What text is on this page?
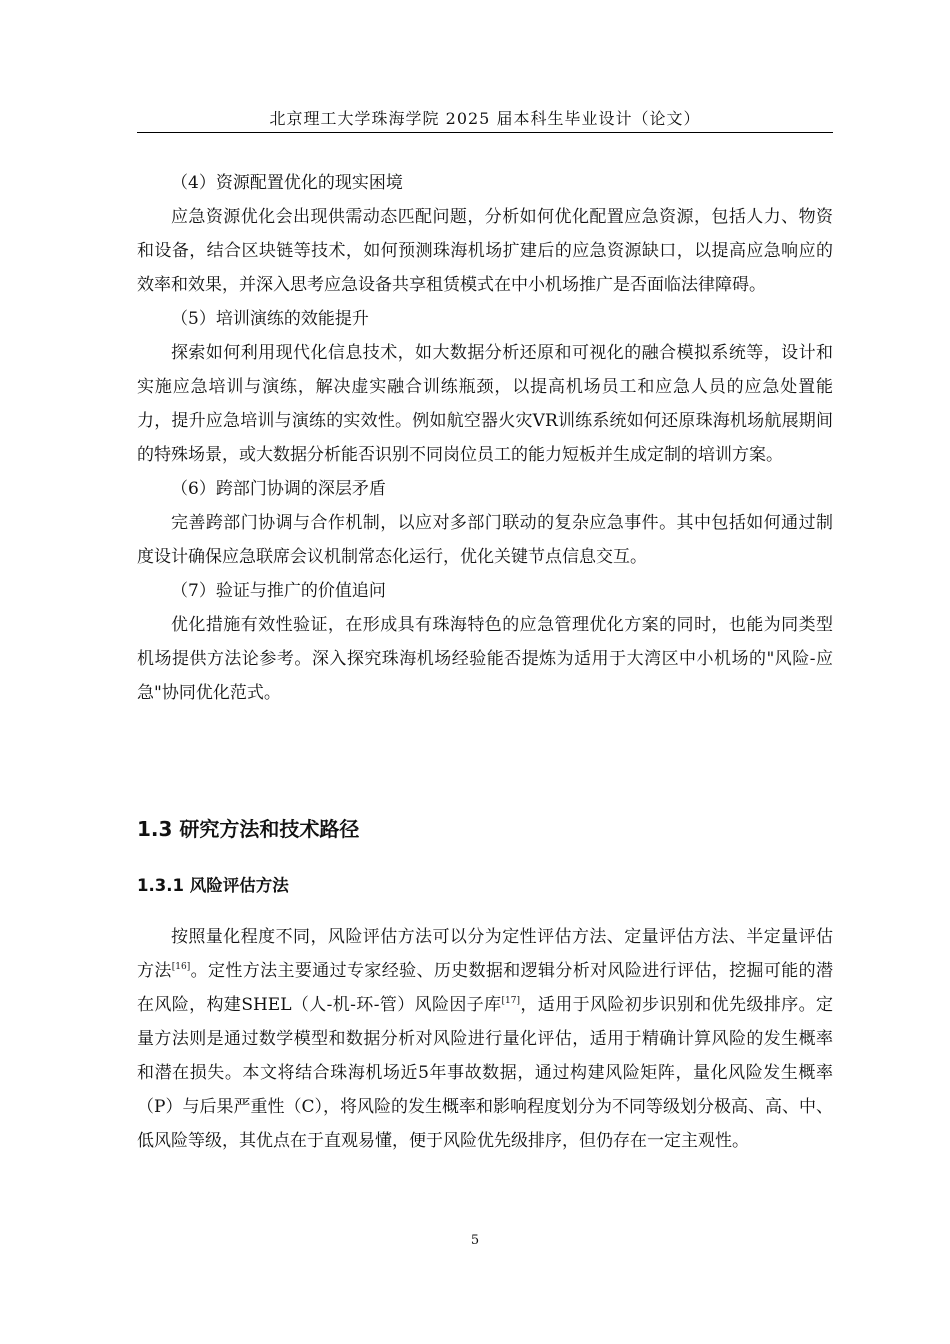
北京理工大学珠海学院 2025 届本科生毕业设计（论文）

（4）资源配置优化的现实困境

应急资源优化会出现供需动态匹配问题，分析如何优化配置应急资源，包括人力、物资和设备，结合区块链等技术，如何预测珠海机场扩建后的应急资源缺口，以提高应急响应的效率和效果，并深入思考应急设备共享租赁模式在中小机场推广是否面临法律障碍。

（5）培训演练的效能提升

探索如何利用现代化信息技术，如大数据分析还原和可视化的融合模拟系统等，设计和实施应急培训与演练，解决虚实融合训练瓶颈，以提高机场员工和应急人员的应急处置能力，提升应急培训与演练的实效性。例如航空器火灾VR训练系统如何还原珠海机场航展期间的特殊场景，或大数据分析能否识别不同岗位员工的能力短板并生成定制的培训方案。

（6）跨部门协调的深层矛盾

完善跨部门协调与合作机制，以应对多部门联动的复杂应急事件。其中包括如何通过制度设计确保应急联席会议机制常态化运行，优化关键节点信息交互。

（7）验证与推广的价值追问

优化措施有效性验证，在形成具有珠海特色的应急管理优化方案的同时，也能为同类型机场提供方法论参考。深入探究珠海机场经验能否提炼为适用于大湾区中小机场的"风险-应急"协同优化范式。

1.3 研究方法和技术路径
1.3.1 风险评估方法

按照量化程度不同，风险评估方法可以分为定性评估方法、定量评估方法、半定量评估方法[16]。定性方法主要通过专家经验、历史数据和逻辑分析对风险进行评估，挖掘可能的潜在风险，构建SHEL（人-机-环-管）风险因子库[17]，适用于风险初步识别和优先级排序。定量方法则是通过数学模型和数据分析对风险进行量化评估，适用于精确计算风险的发生概率和潜在损失。本文将结合珠海机场近5年事故数据，通过构建风险矩阵，量化风险发生概率（P）与后果严重性（C），将风险的发生概率和影响程度划分为不同等级划分极高、高、中、低风险等级，其优点在于直观易懂，便于风险优先级排序，但仍存在一定主观性。

5
